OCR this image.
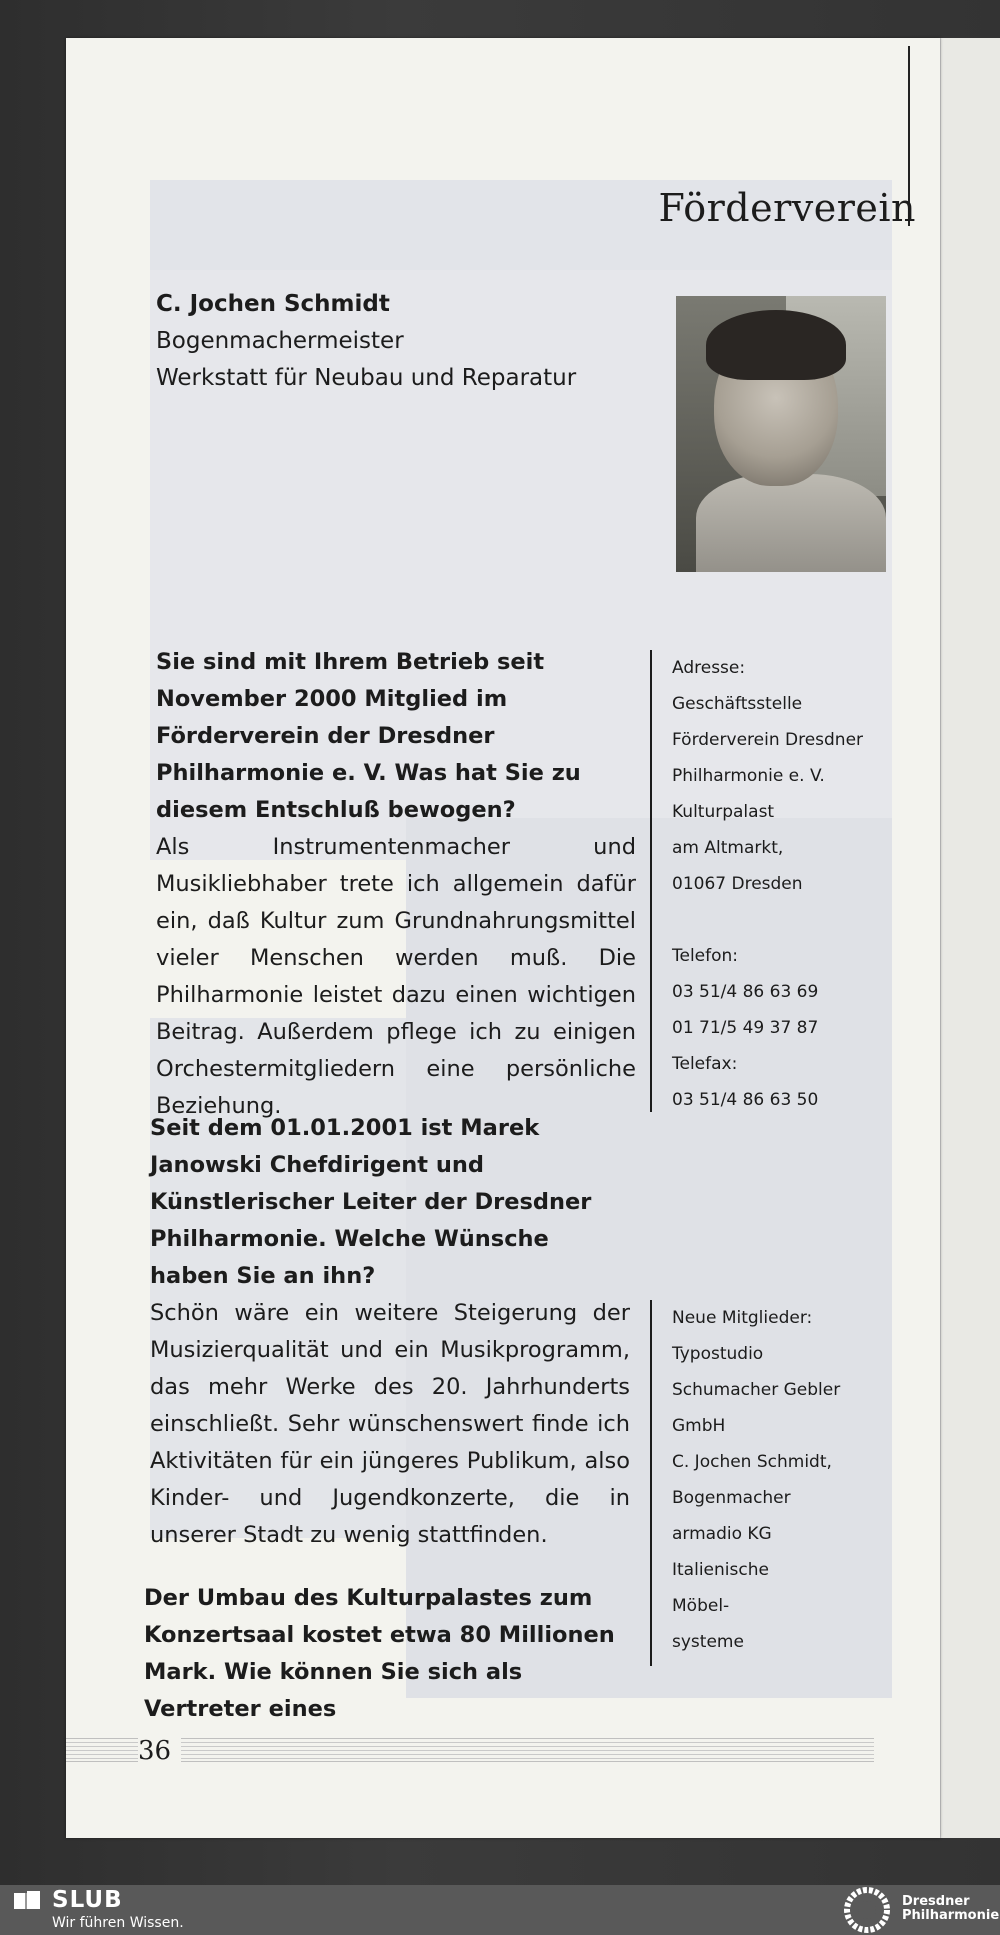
Förderverein
C. Jochen Schmidt
Bogenmachermeister
Werkstatt für Neubau und Reparatur

Sie sind mit Ihrem Betrieb seit November 2000 Mitglied im Förderverein der Dresdner Philharmonie e. V. Was hat Sie zu diesem Entschluß bewogen?

Als Instrumentenmacher und Musikliebhaber trete ich allgemein dafür ein, daß Kultur zum Grundnahrungsmittel vieler Menschen werden muß. Die Philharmonie leistet dazu einen wichtigen Beitrag. Außerdem pflege ich zu einigen Orchestermitgliedern eine persönliche Beziehung.

Seit dem 01.01.2001 ist Marek Janowski Chefdirigent und Künstlerischer Leiter der Dresdner Philharmonie. Welche Wünsche haben Sie an ihn?

Schön wäre ein weitere Steigerung der Musizierqualität und ein Musikprogramm, das mehr Werke des 20. Jahrhunderts einschließt. Sehr wünschenswert finde ich Aktivitäten für ein jüngeres Publikum, also Kinder- und Jugendkonzerte, die in unserer Stadt zu wenig stattfinden.

Der Umbau des Kulturpalastes zum Konzertsaal kostet etwa 80 Millionen Mark. Wie können Sie sich als Vertreter eines

Adresse:

Geschäftsstelle

Förderverein Dresdner

Philharmonie e. V.

Kulturpalast

am Altmarkt,

01067 Dresden

Telefon:

03 51/4 86 63 69

01 71/5 49 37 87

Telefax:

03 51/4 86 63 50

Neue Mitglieder:

Typostudio

Schumacher Gebler

GmbH

C. Jochen Schmidt,

Bogenmacher

armadio KG

Italienische

Möbel-

systeme

36
SLUB
Wir führen Wissen.
Dresdner
Philharmonie
